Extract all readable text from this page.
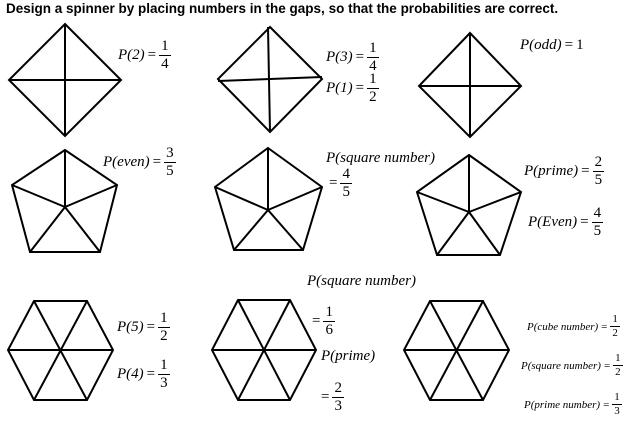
Design a spinner by placing numbers in the gaps, so that the probabilities are correct.
$P(2) = \frac{1}{4}$	$P(3) = \frac{1}{4}$
$P(1) = \frac{1}{2}$
P(odd) = 1
P(even) = $\frac{3}{5}$	P(square number)
= $\frac{4}{5}$	P(prime) = $\frac{2}{5}$
P(Even) = $\frac{4}{5}$
P(square number)
= $\frac{1}{6}$
P(prime)
= $\frac{2}{3}$
$P(5) = \frac{1}{2}$
$P(4) = \frac{1}{3}$
P(cube number) = $\frac{1}{2}$
P(square number) = $\frac{1}{2}$
P(prime number) = $\frac{1}{3}$
